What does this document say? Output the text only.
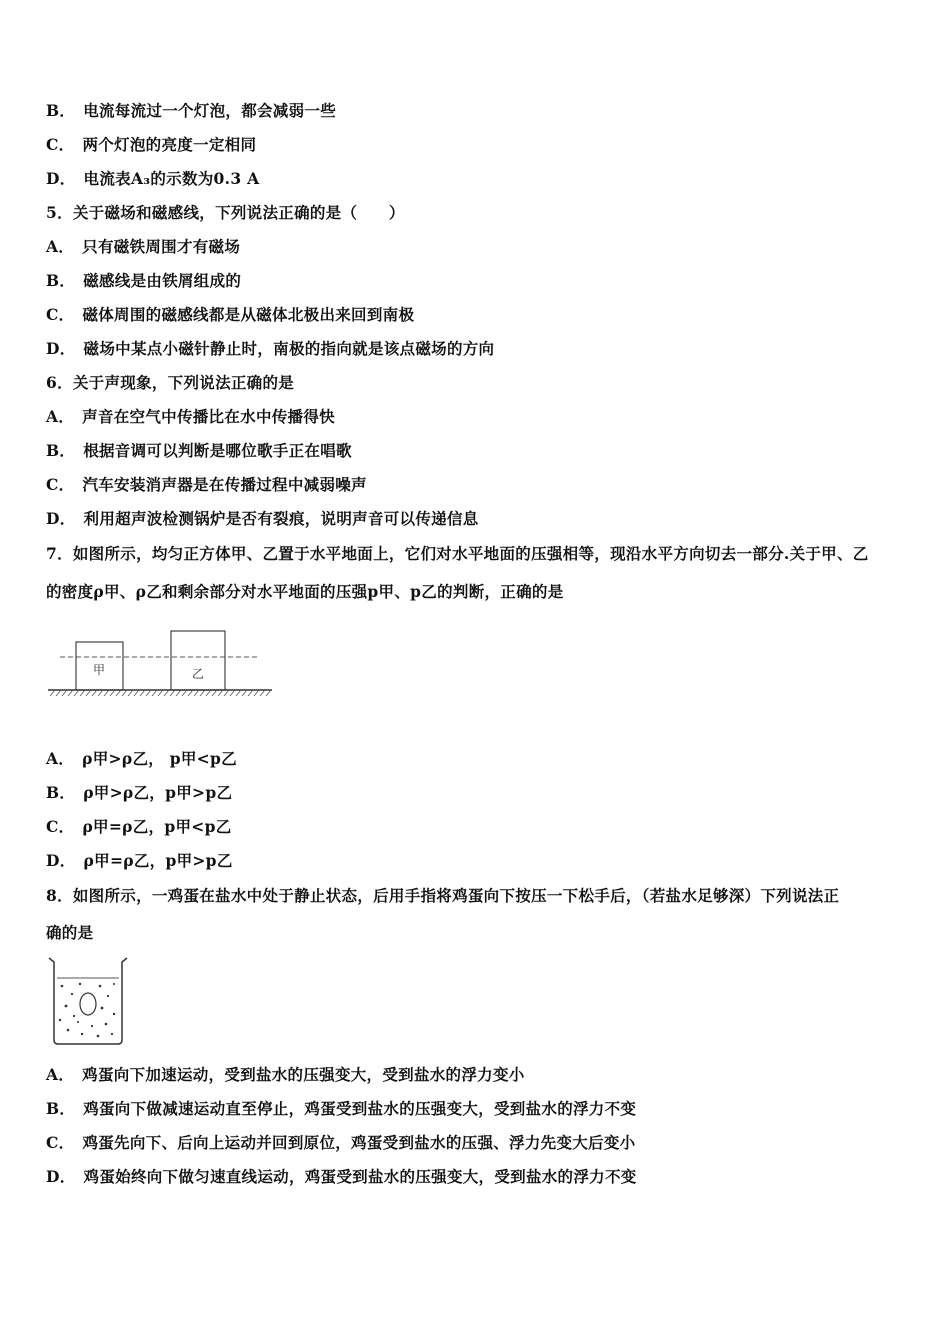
B． 电流每流过一个灯泡，都会减弱一些
C． 两个灯泡的亮度一定相同
D． 电流表A₃的示数为0.3 A
5．关于磁场和磁感线，下列说法正确的是（　　）
A． 只有磁铁周围才有磁场
B． 磁感线是由铁屑组成的
C． 磁体周围的磁感线都是从磁体北极出来回到南极
D． 磁场中某点小磁针静止时，南极的指向就是该点磁场的方向
6．关于声现象，下列说法正确的是
A． 声音在空气中传播比在水中传播得快
B． 根据音调可以判断是哪位歌手正在唱歌
C． 汽车安装消声器是在传播过程中减弱噪声
D． 利用超声波检测锅炉是否有裂痕，说明声音可以传递信息
7．如图所示，均匀正方体甲、乙置于水平地面上，它们对水平地面的压强相等，现沿水平方向切去一部分.关于甲、乙
的密度ρ甲、ρ乙和剩余部分对水平地面的压强p甲、p乙的判断，正确的是
甲	乙
A． ρ甲>ρ乙， p甲<p乙
B． ρ甲>ρ乙，p甲>p乙
C． ρ甲=ρ乙，p甲<p乙
D． ρ甲=ρ乙，p甲>p乙
8．如图所示，一鸡蛋在盐水中处于静止状态，后用手指将鸡蛋向下按压一下松手后，（若盐水足够深）下列说法正
确的是
A． 鸡蛋向下加速运动，受到盐水的压强变大，受到盐水的浮力变小
B． 鸡蛋向下做减速运动直至停止，鸡蛋受到盐水的压强变大，受到盐水的浮力不变
C． 鸡蛋先向下、后向上运动并回到原位，鸡蛋受到盐水的压强、浮力先变大后变小
D． 鸡蛋始终向下做匀速直线运动，鸡蛋受到盐水的压强变大，受到盐水的浮力不变
